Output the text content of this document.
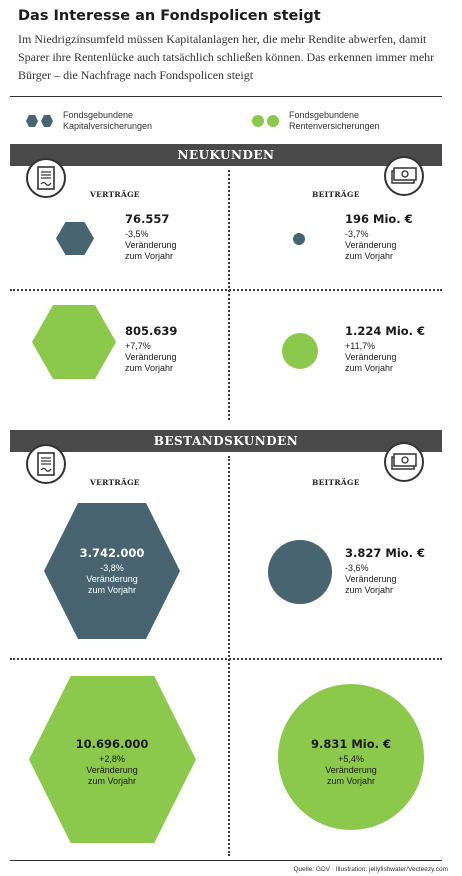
Das Interesse an Fondspolicen steigt
Im Niedrigzinsumfeld müssen Kapitalanlagen her, die mehr Rendite abwerfen, damit Sparer ihre Rentenlücke auch tatsächlich schließen können. Das erkennen immer mehr Bürger – die Nachfrage nach Fondspolicen steigt
Fondsgebundene Kapitalversicherungen
Fondsgebundene Rentenversicherungen
NEUKUNDEN
VERTRÄGE	BEITRÄGE
76.557
-3,5%
Veränderung zum Vorjahr
196 Mio. €
-3,7%
Veränderung zum Vorjahr
805.639
+7,7%
Veränderung zum Vorjahr
1.224 Mio. €
+11,7%
Veränderung zum Vorjahr
BESTANDSKUNDEN
VERTRÄGE	BEITRÄGE
3.742.000
-3,8%
Veränderung zum Vorjahr
3.827 Mio. €
-3,6%
Veränderung zum Vorjahr
10.696.000
+2,8%
Veränderung zum Vorjahr
9.831 Mio. €
+5,4%
Veränderung zum Vorjahr
Quelle: GDV · Illustration: jellyfishwater/Vecteezy.com
